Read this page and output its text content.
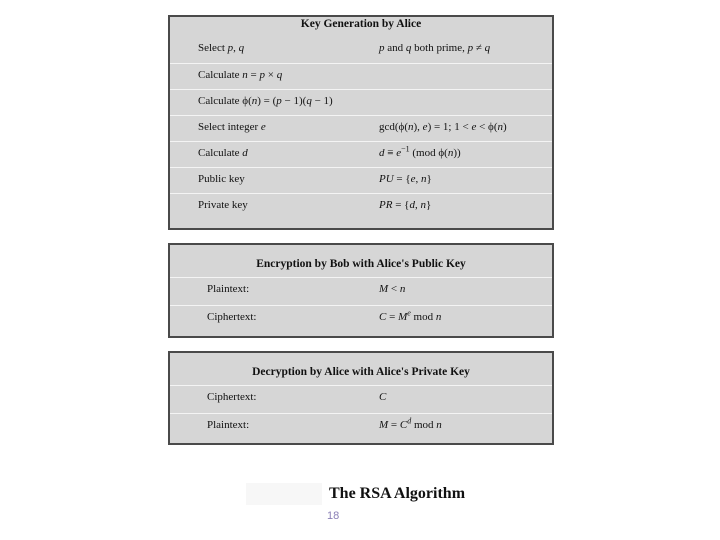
Key Generation by Alice
Select p, q	p and q both prime, p ≠ q
Calculate n = p × q
Calculate ϕ(n) = (p − 1)(q − 1)
Select integer e	gcd(ϕ(n), e) = 1; 1 < e < ϕ(n)
Calculate d	$d \equiv e^{-1}$ (mod ϕ(n))
Public key	PU = {e, n}
Private key	PR = {d, n}
Encryption by Bob with Alice's Public Key
Plaintext:	M < n
Ciphertext:	$C = M^e$ mod n
Decryption by Alice with Alice's Private Key
Ciphertext:	C
Plaintext:	$M = C^d$ mod n
The RSA Algorithm
18
